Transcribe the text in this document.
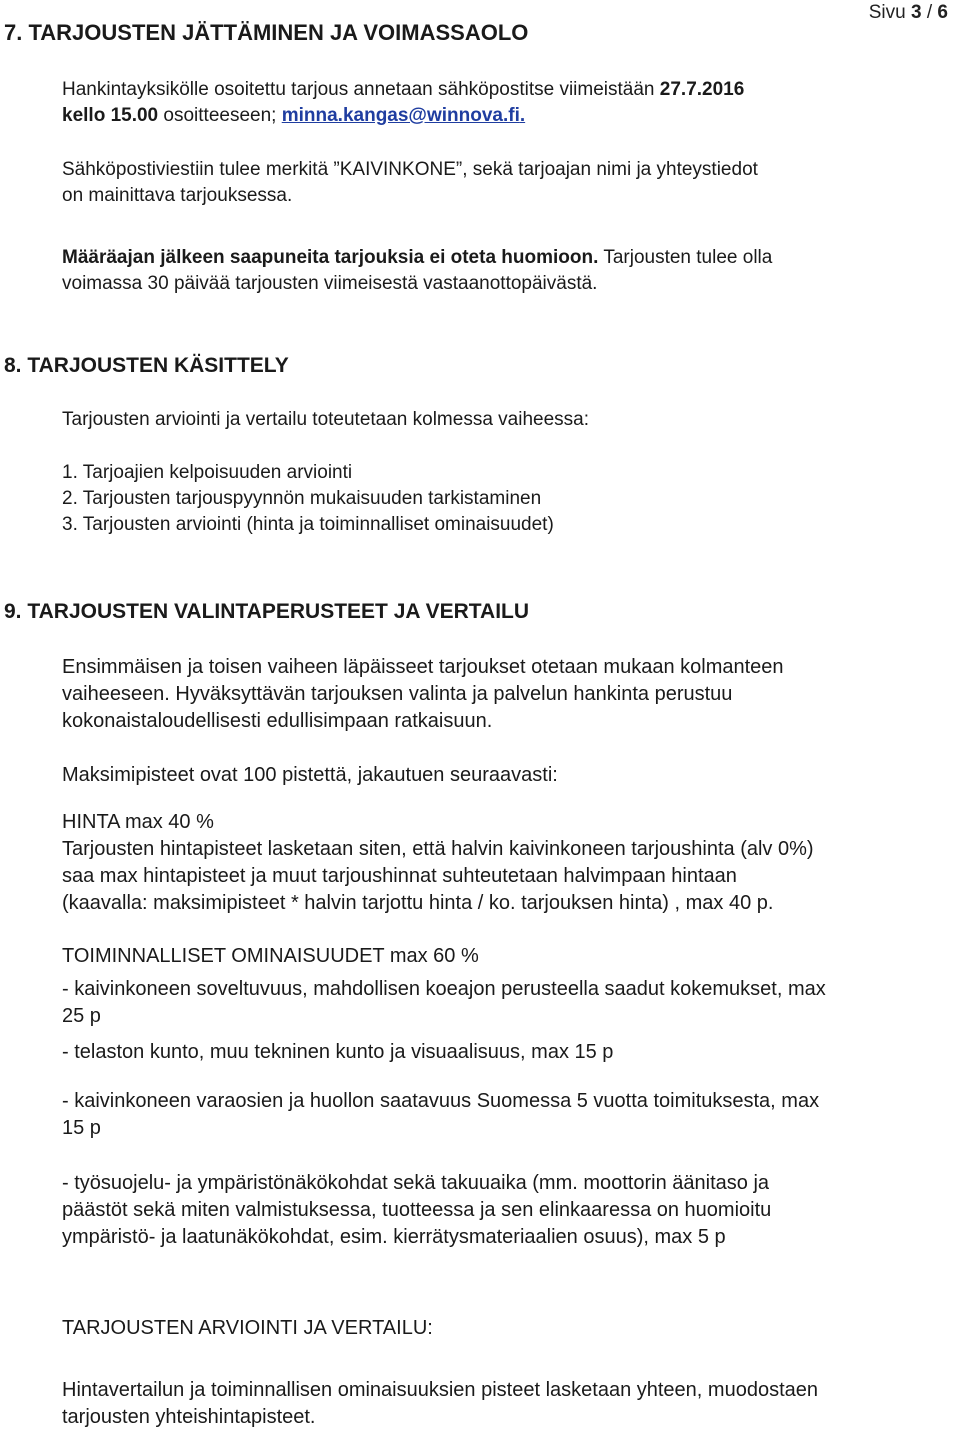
Sivu 3 / 6
7. TARJOUSTEN JÄTTÄMINEN JA VOIMASSAOLO
Hankintayksikölle osoitettu tarjous annetaan sähköpostitse viimeistään 27.7.2016
kello 15.00 osoitteeseen; minna.kangas@winnova.fi.
Sähköpostiviestiin tulee merkitä ”KAIVINKONE”, sekä tarjoajan nimi ja yhteystiedot
on mainittava tarjouksessa.
Määräajan jälkeen saapuneita tarjouksia ei oteta huomioon. Tarjousten tulee olla
voimassa 30 päivää tarjousten viimeisestä vastaanottopäivästä.
8. TARJOUSTEN KÄSITTELY
Tarjousten arviointi ja vertailu toteutetaan kolmessa vaiheessa:
1. Tarjoajien kelpoisuuden arviointi
2. Tarjousten tarjouspyynnön mukaisuuden tarkistaminen
3. Tarjousten arviointi (hinta ja toiminnalliset ominaisuudet)
9. TARJOUSTEN VALINTAPERUSTEET JA VERTAILU
Ensimmäisen ja toisen vaiheen läpäisseet tarjoukset otetaan mukaan kolmanteen
vaiheeseen. Hyväksyttävän tarjouksen valinta ja palvelun hankinta perustuu
kokonaistaloudellisesti edullisimpaan ratkaisuun.
Maksimipisteet ovat 100 pistettä, jakautuen seuraavasti:
HINTA max 40 %
Tarjousten hintapisteet lasketaan siten, että halvin kaivinkoneen tarjoushinta (alv 0%)
saa max hintapisteet ja muut tarjoushinnat suhteutetaan halvimpaan hintaan
(kaavalla: maksimipisteet * halvin tarjottu hinta / ko. tarjouksen hinta) , max 40 p.
TOIMINNALLISET OMINAISUUDET max 60 %
- kaivinkoneen soveltuvuus, mahdollisen koeajon perusteella saadut kokemukset, max
25 p
- telaston kunto, muu tekninen kunto ja visuaalisuus, max 15 p
- kaivinkoneen varaosien ja huollon saatavuus Suomessa 5 vuotta toimituksesta, max
15 p
- työsuojelu- ja ympäristönäkökohdat sekä takuuaika (mm. moottorin äänitaso ja
päästöt sekä miten valmistuksessa, tuotteessa ja sen elinkaaressa on huomioitu
ympäristö- ja laatunäkökohdat, esim. kierrätysmateriaalien osuus), max 5 p
TARJOUSTEN ARVIOINTI JA VERTAILU:
Hintavertailun ja toiminnallisen ominaisuuksien pisteet lasketaan yhteen, muodostaen
tarjousten yhteishintapisteet.
